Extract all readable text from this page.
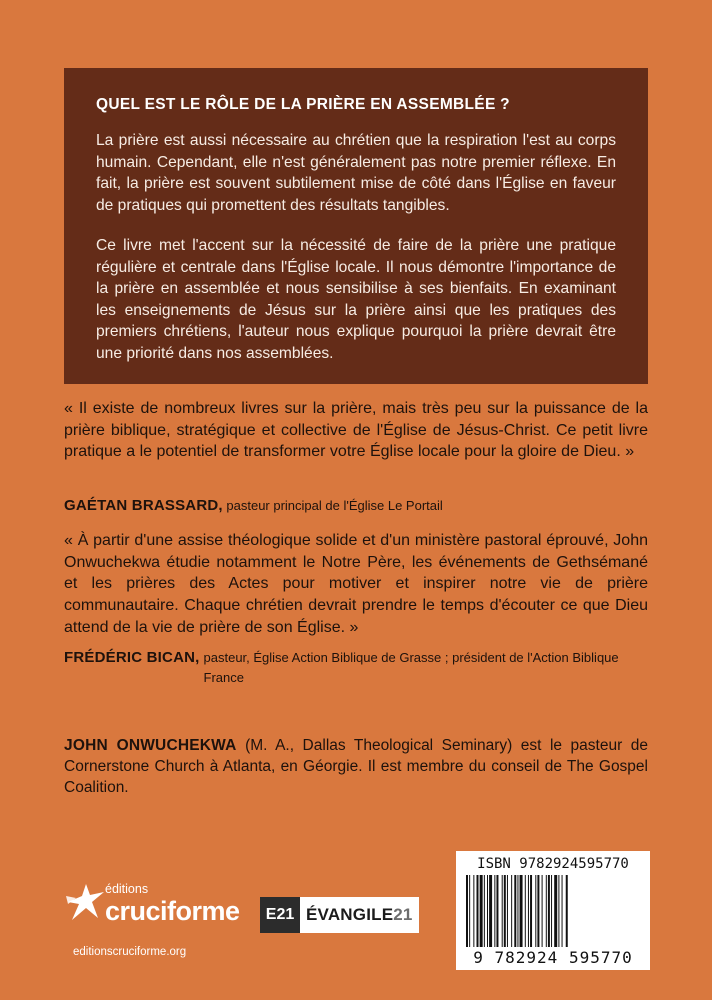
QUEL EST LE RÔLE DE LA PRIÈRE EN ASSEMBLÉE ?

La prière est aussi nécessaire au chrétien que la respiration l'est au corps humain. Cependant, elle n'est généralement pas notre premier réflexe. En fait, la prière est souvent subtilement mise de côté dans l'Église en faveur de pratiques qui promettent des résultats tangibles.

Ce livre met l'accent sur la nécessité de faire de la prière une pratique régulière et centrale dans l'Église locale. Il nous démontre l'importance de la prière en assemblée et nous sensibilise à ses bienfaits. En examinant les enseignements de Jésus sur la prière ainsi que les pratiques des premiers chrétiens, l'auteur nous explique pourquoi la prière devrait être une priorité dans nos assemblées.

« Il existe de nombreux livres sur la prière, mais très peu sur la puissance de la prière biblique, stratégique et collective de l'Église de Jésus-Christ. Ce petit livre pratique a le potentiel de transformer votre Église locale pour la gloire de Dieu. »

GAÉTAN BRASSARD, pasteur principal de l'Église Le Portail

« À partir d'une assise théologique solide et d'un ministère pastoral éprouvé, John Onwuchekwa étudie notamment le Notre Père, les événements de Gethsémané et les prières des Actes pour motiver et inspirer notre vie de prière communautaire. Chaque chrétien devrait prendre le temps d'écouter ce que Dieu attend de la vie de prière de son Église. »

FRÉDÉRIC BICAN, pasteur, Église Action Biblique de Grasse ; président de l'Action Biblique France

JOHN ONWUCHEKWA (M. A., Dallas Theological Seminary) est le pasteur de Cornerstone Church à Atlanta, en Géorgie. Il est membre du conseil de The Gospel Coalition.

éditions
cruciforme
editionscruciforme.org
E21 ÉVANGILE 21
ISBN 9782924595770
9 782924 595770
